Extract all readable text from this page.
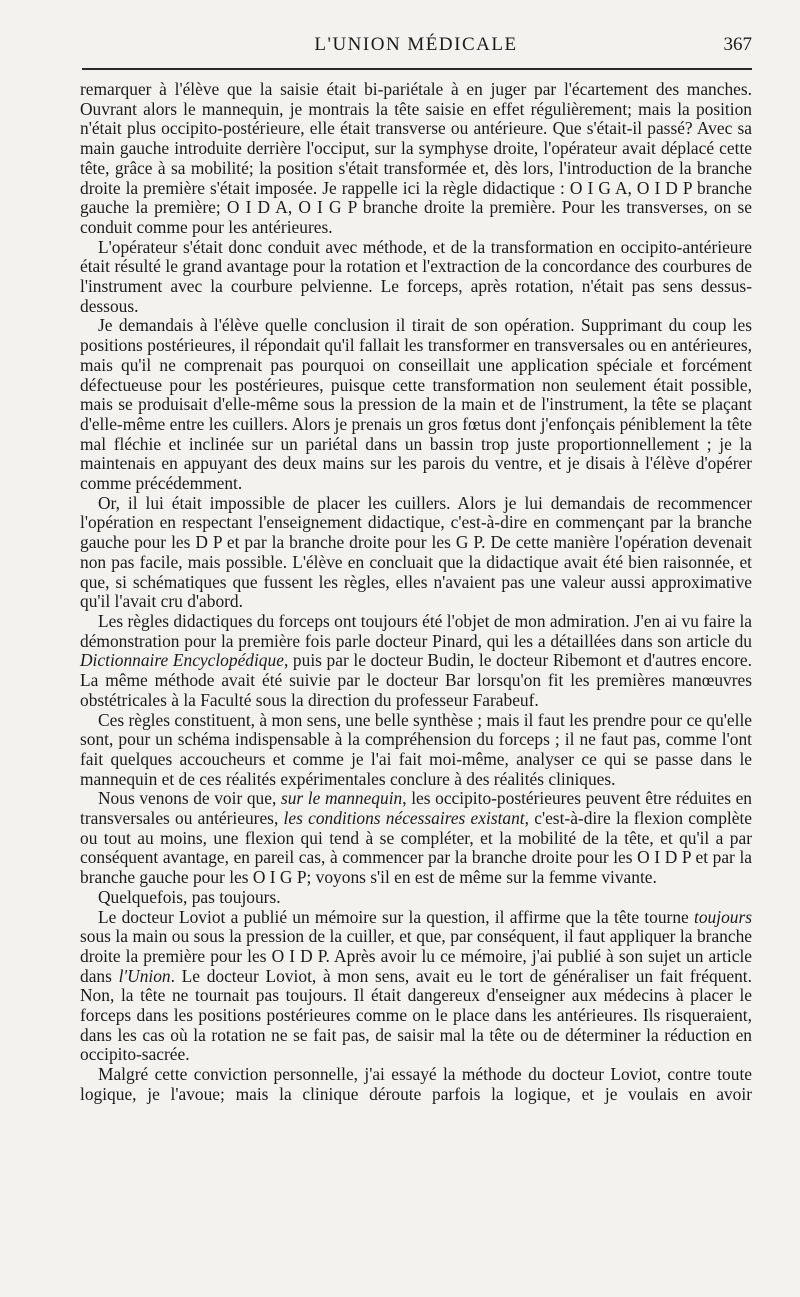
L'UNION MÉDICALE	367

remarquer à l'élève que la saisie était bi-pariétale à en juger par l'écartement des manches. Ouvrant alors le mannequin, je montrais la tête saisie en effet régulièrement; mais la position n'était plus occipito-postérieure, elle était transverse ou antérieure. Que s'était-il passé? Avec sa main gauche introduite derrière l'occiput, sur la symphyse droite, l'opérateur avait déplacé cette tête, grâce à sa mobilité; la position s'était transformée et, dès lors, l'introduction de la branche droite la première s'était imposée. Je rappelle ici la règle didactique : O I G A, O I D P branche gauche la première; O I D A, O I G P branche droite la première. Pour les transverses, on se conduit comme pour les antérieures.

L'opérateur s'était donc conduit avec méthode, et de la transformation en occipito-antérieure était résulté le grand avantage pour la rotation et l'extraction de la concordance des courbures de l'instrument avec la courbure pelvienne. Le forceps, après rotation, n'était pas sens dessus-dessous.

Je demandais à l'élève quelle conclusion il tirait de son opération. Supprimant du coup les positions postérieures, il répondait qu'il fallait les transformer en transversales ou en antérieures, mais qu'il ne comprenait pas pourquoi on conseillait une application spéciale et forcément défectueuse pour les postérieures, puisque cette transformation non seulement était possible, mais se produisait d'elle-même sous la pression de la main et de l'instrument, la tête se plaçant d'elle-même entre les cuillers. Alors je prenais un gros fœtus dont j'enfonçais péniblement la tête mal fléchie et inclinée sur un pariétal dans un bassin trop juste proportionnellement ; je la maintenais en appuyant des deux mains sur les parois du ventre, et je disais à l'élève d'opérer comme précédemment.

Or, il lui était impossible de placer les cuillers. Alors je lui demandais de recommencer l'opération en respectant l'enseignement didactique, c'est-à-dire en commençant par la branche gauche pour les D P et par la branche droite pour les G P. De cette manière l'opération devenait non pas facile, mais possible. L'élève en concluait que la didactique avait été bien raisonnée, et que, si schématiques que fussent les règles, elles n'avaient pas une valeur aussi approximative qu'il l'avait cru d'abord.

Les règles didactiques du forceps ont toujours été l'objet de mon admiration. J'en ai vu faire la démonstration pour la première fois parle docteur Pinard, qui les a détaillées dans son article du Dictionnaire Encyclopédique, puis par le docteur Budin, le docteur Ribemont et d'autres encore. La même méthode avait été suivie par le docteur Bar lorsqu'on fit les premières manœuvres obstétricales à la Faculté sous la direction du professeur Farabeuf.

Ces règles constituent, à mon sens, une belle synthèse ; mais il faut les prendre pour ce qu'elle sont, pour un schéma indispensable à la compréhension du forceps ; il ne faut pas, comme l'ont fait quelques accoucheurs et comme je l'ai fait moi-même, analyser ce qui se passe dans le mannequin et de ces réalités expérimentales conclure à des réalités cliniques.

Nous venons de voir que, sur le mannequin, les occipito-postérieures peuvent être réduites en transversales ou antérieures, les conditions nécessaires existant, c'est-à-dire la flexion complète ou tout au moins, une flexion qui tend à se compléter, et la mobilité de la tête, et qu'il a par conséquent avantage, en pareil cas, à commencer par la branche droite pour les O I D P et par la branche gauche pour les O I G P; voyons s'il en est de même sur la femme vivante.

Quelquefois, pas toujours.

Le docteur Loviot a publié un mémoire sur la question, il affirme que la tête tourne toujours sous la main ou sous la pression de la cuiller, et que, par conséquent, il faut appliquer la branche droite la première pour les O I D P. Après avoir lu ce mémoire, j'ai publié à son sujet un article dans l'Union. Le docteur Loviot, à mon sens, avait eu le tort de généraliser un fait fréquent. Non, la tête ne tournait pas toujours. Il était dangereux d'enseigner aux médecins à placer le forceps dans les positions postérieures comme on le place dans les antérieures. Ils risqueraient, dans les cas où la rotation ne se fait pas, de saisir mal la tête ou de déterminer la réduction en occipito-sacrée.

Malgré cette conviction personnelle, j'ai essayé la méthode du docteur Loviot, contre toute logique, je l'avoue; mais la clinique déroute parfois la logique, et je voulais en avoir
